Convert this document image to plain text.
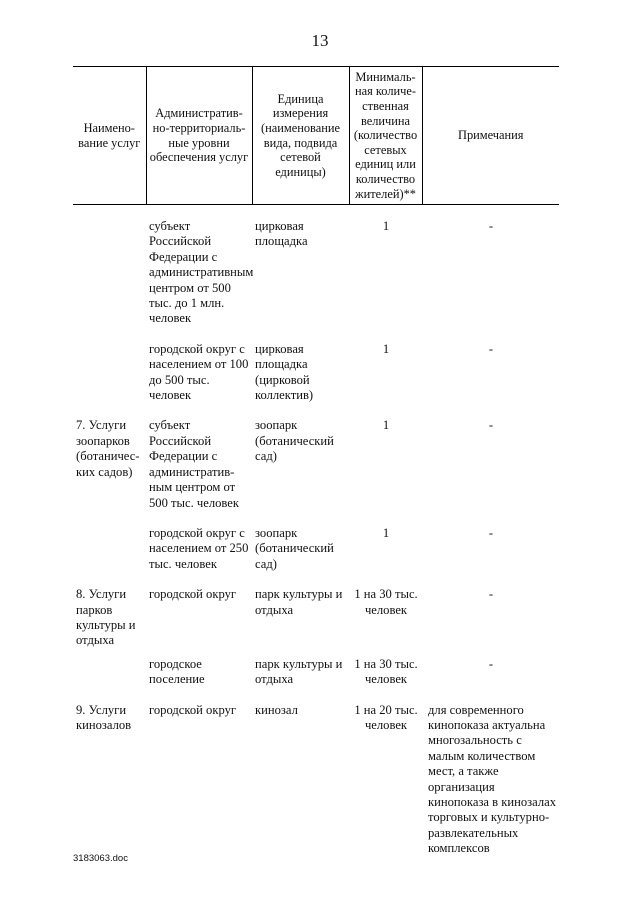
13
Наимено-вание услуг	Административ-но-территориаль-ные уровни обеспечения услуг	Единица измерения (наименование вида, подвида сетевой единицы)	Минималь-ная количе-ственная величина (количество сетевых единиц или количество жителей)**	Примечания

	субъект Российской Федерации с административным центром от 500 тыс. до 1 млн. человек	цирковая площадка	1	-

	городской округ с населением от 100 до 500 тыс. человек	цирковая площадка (цирковой коллектив)	1	-

7. Услуги зоопарков (ботаничес-ких садов)	субъект Российской Федерации с административ-ным центром от 500 тыс. человек	зоопарк (ботанический сад)	1	-

	городской округ с населением от 250 тыс. человек	зоопарк (ботанический сад)	1	-

8. Услуги парков культуры и отдыха	городской округ	парк культуры и отдыха	1 на 30 тыс. человек	-

	городское поселение	парк культуры и отдыха	1 на 30 тыс. человек	-

9. Услуги кинозалов	городской округ	кинозал	1 на 20 тыс. человек	для современного кинопоказа актуальна многозальность с малым количеством мест, а также организация кинопоказа в кинозалах торговых и культурно-развлекательных комплексов
3183063.doc
